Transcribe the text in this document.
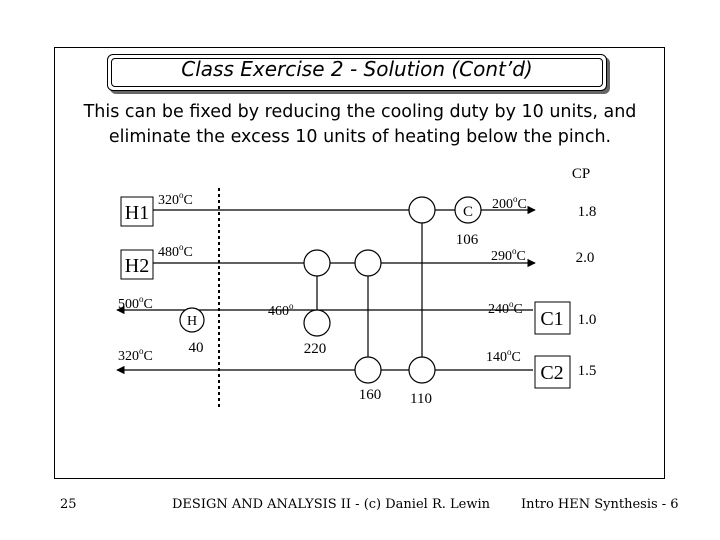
Class Exercise 2 - Solution (Cont’d)
This can be fixed by reducing the cooling duty by 10 units, and
eliminate the excess 10 units of heating below the pinch.
H1
H2
C1
C2
CP
1.8
2.0
1.0
1.5
320$^o$C	200$^o$C
480$^o$C	290$^o$C
240$^o$C
500$^o$C
140$^o$C
320$^o$C
C
106
H
40
460$^o$
220
160 110
25	DESIGN AND ANALYSIS II - (c) Daniel R. Lewin Intro HEN Synthesis - 6
